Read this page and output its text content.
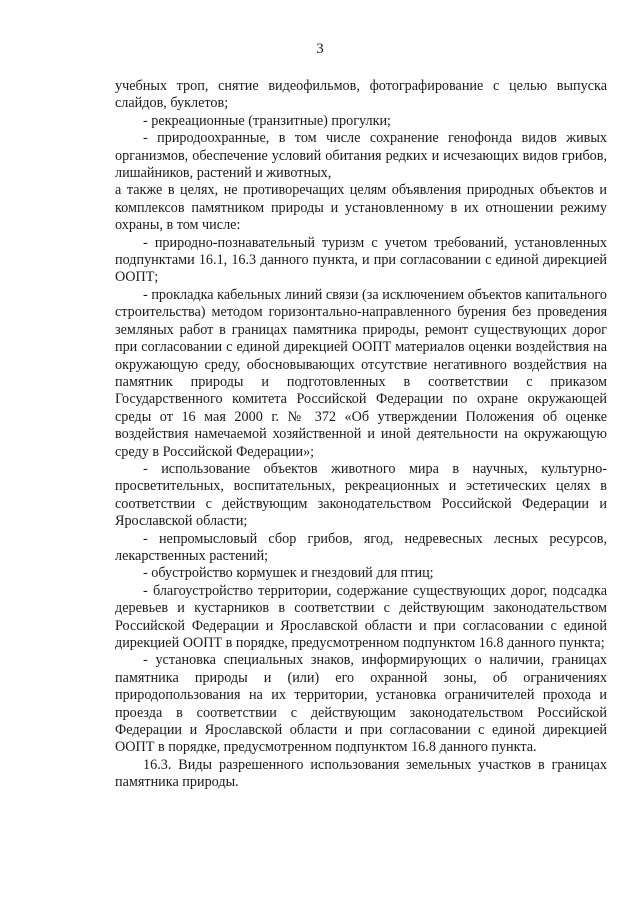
3

учебных троп, снятие видеофильмов, фотографирование с целью выпуска слайдов, буклетов;

- рекреационные (транзитные) прогулки;

- природоохранные, в том числе сохранение генофонда видов живых организмов, обеспечение условий обитания редких и исчезающих видов грибов, лишайников, растений и животных,

а также в целях, не противоречащих целям объявления природных объектов и комплексов памятником природы и установленному в их отношении режиму охраны, в том числе:

- природно-познавательный туризм с учетом требований, установленных подпунктами 16.1, 16.3 данного пункта, и при согласовании с единой дирекцией ООПТ;

- прокладка кабельных линий связи (за исключением объектов капитального строительства) методом горизонтально-направленного бурения без проведения земляных работ в границах памятника природы, ремонт существующих дорог при согласовании с единой дирекцией ООПТ материалов оценки воздействия на окружающую среду, обосновывающих отсутствие негативного воздействия на памятник природы и подготовленных в соответствии с приказом Государственного комитета Российской Федерации по охране окружающей среды от 16 мая 2000 г. № 372 «Об утверждении Положения об оценке воздействия намечаемой хозяйственной и иной деятельности на окружающую среду в Российской Федерации»;

- использование объектов животного мира в научных, культурно-просветительных, воспитательных, рекреационных и эстетических целях в соответствии с действующим законодательством Российской Федерации и Ярославской области;

- непромысловый сбор грибов, ягод, недревесных лесных ресурсов, лекарственных растений;

- обустройство кормушек и гнездовий для птиц;

- благоустройство территории, содержание существующих дорог, подсадка деревьев и кустарников в соответствии с действующим законодательством Российской Федерации и Ярославской области и при согласовании с единой дирекцией ООПТ в порядке, предусмотренном подпунктом 16.8 данного пункта;

- установка специальных знаков, информирующих о наличии, границах памятника природы и (или) его охранной зоны, об ограничениях природопользования на их территории, установка ограничителей прохода и проезда в соответствии с действующим законодательством Российской Федерации и Ярославской области и при согласовании с единой дирекцией ООПТ в порядке, предусмотренном подпунктом 16.8 данного пункта.

16.3. Виды разрешенного использования земельных участков в границах памятника природы.
